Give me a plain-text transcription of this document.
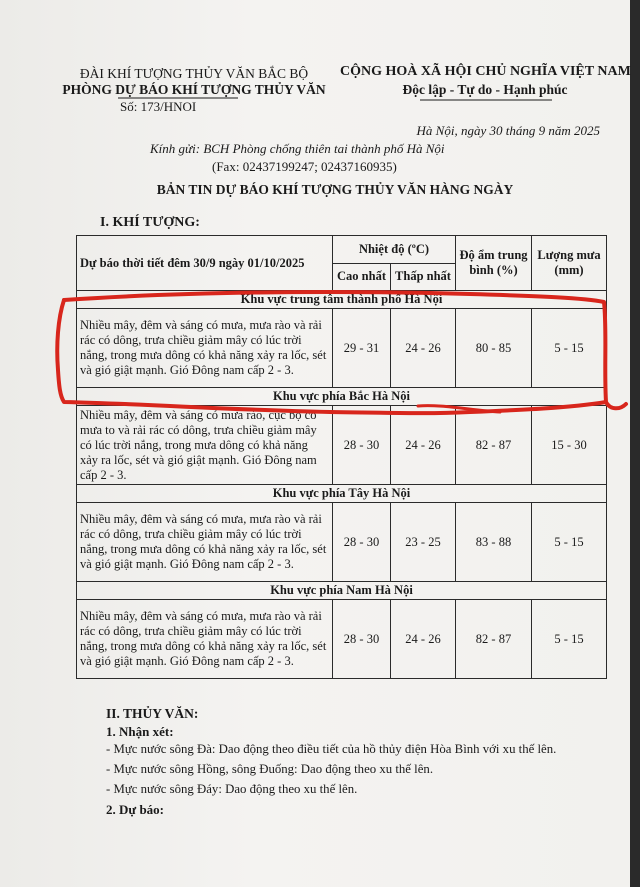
ĐÀI KHÍ TƯỢNG THỦY VĂN BẮC BỘ
PHÒNG DỰ BÁO KHÍ TƯỢNG THỦY VĂN
Số: 173/HNOI
CỘNG HOÀ XÃ HỘI CHỦ NGHĨA VIỆT NAM
Độc lập - Tự do - Hạnh phúc
Hà Nội, ngày 30 tháng 9 năm 2025
Kính gửi: BCH Phòng chống thiên tai thành phố Hà Nội
(Fax: 02437199247; 02437160935)
BẢN TIN DỰ BÁO KHÍ TƯỢNG THỦY VĂN HÀNG NGÀY
I. KHÍ TƯỢNG:
Dự báo thời tiết đêm 30/9 ngày 01/10/2025	Nhiệt độ (ºC)		Độ ẩm trung bình (%)	Lượng mưa (mm)
	Cao nhất	Thấp nhất		
Khu vực trung tâm thành phố Hà Nội				
Nhiều mây, đêm và sáng có mưa, mưa rào và rải rác có dông, trưa chiều giảm mây có lúc trời nắng, trong mưa dông có khả năng xảy ra lốc, sét và gió giật mạnh. Gió Đông nam cấp 2 - 3.	29 - 31	24 - 26	80 - 85	5 - 15
Khu vực phía Bắc Hà Nội				
Nhiều mây, đêm và sáng có mưa rào, cục bộ có mưa to và rải rác có dông, trưa chiều giảm mây có lúc trời nắng, trong mưa dông có khả năng xảy ra lốc, sét và gió giật mạnh. Gió Đông nam cấp 2 - 3.	28 - 30	24 - 26	82 - 87	15 - 30
Khu vực phía Tây Hà Nội				
Nhiều mây, đêm và sáng có mưa, mưa rào và rải rác có dông, trưa chiều giảm mây có lúc trời nắng, trong mưa dông có khả năng xảy ra lốc, sét và gió giật mạnh. Gió Đông nam cấp 2 - 3.	28 - 30	23 - 25	83 - 88	5 - 15
Khu vực phía Nam Hà Nội				
Nhiều mây, đêm và sáng có mưa, mưa rào và rải rác có dông, trưa chiều giảm mây có lúc trời nắng, trong mưa dông có khả năng xảy ra lốc, sét và gió giật mạnh. Gió Đông nam cấp 2 - 3.	28 - 30	24 - 26	82 - 87	5 - 15
II. THỦY VĂN:
1. Nhận xét:
- Mực nước sông Đà: Dao động theo điều tiết của hồ thủy điện Hòa Bình với xu thế lên.
- Mực nước sông Hồng, sông Đuống: Dao động theo xu thế lên.
- Mực nước sông Đáy: Dao động theo xu thế lên.
2. Dự báo:
